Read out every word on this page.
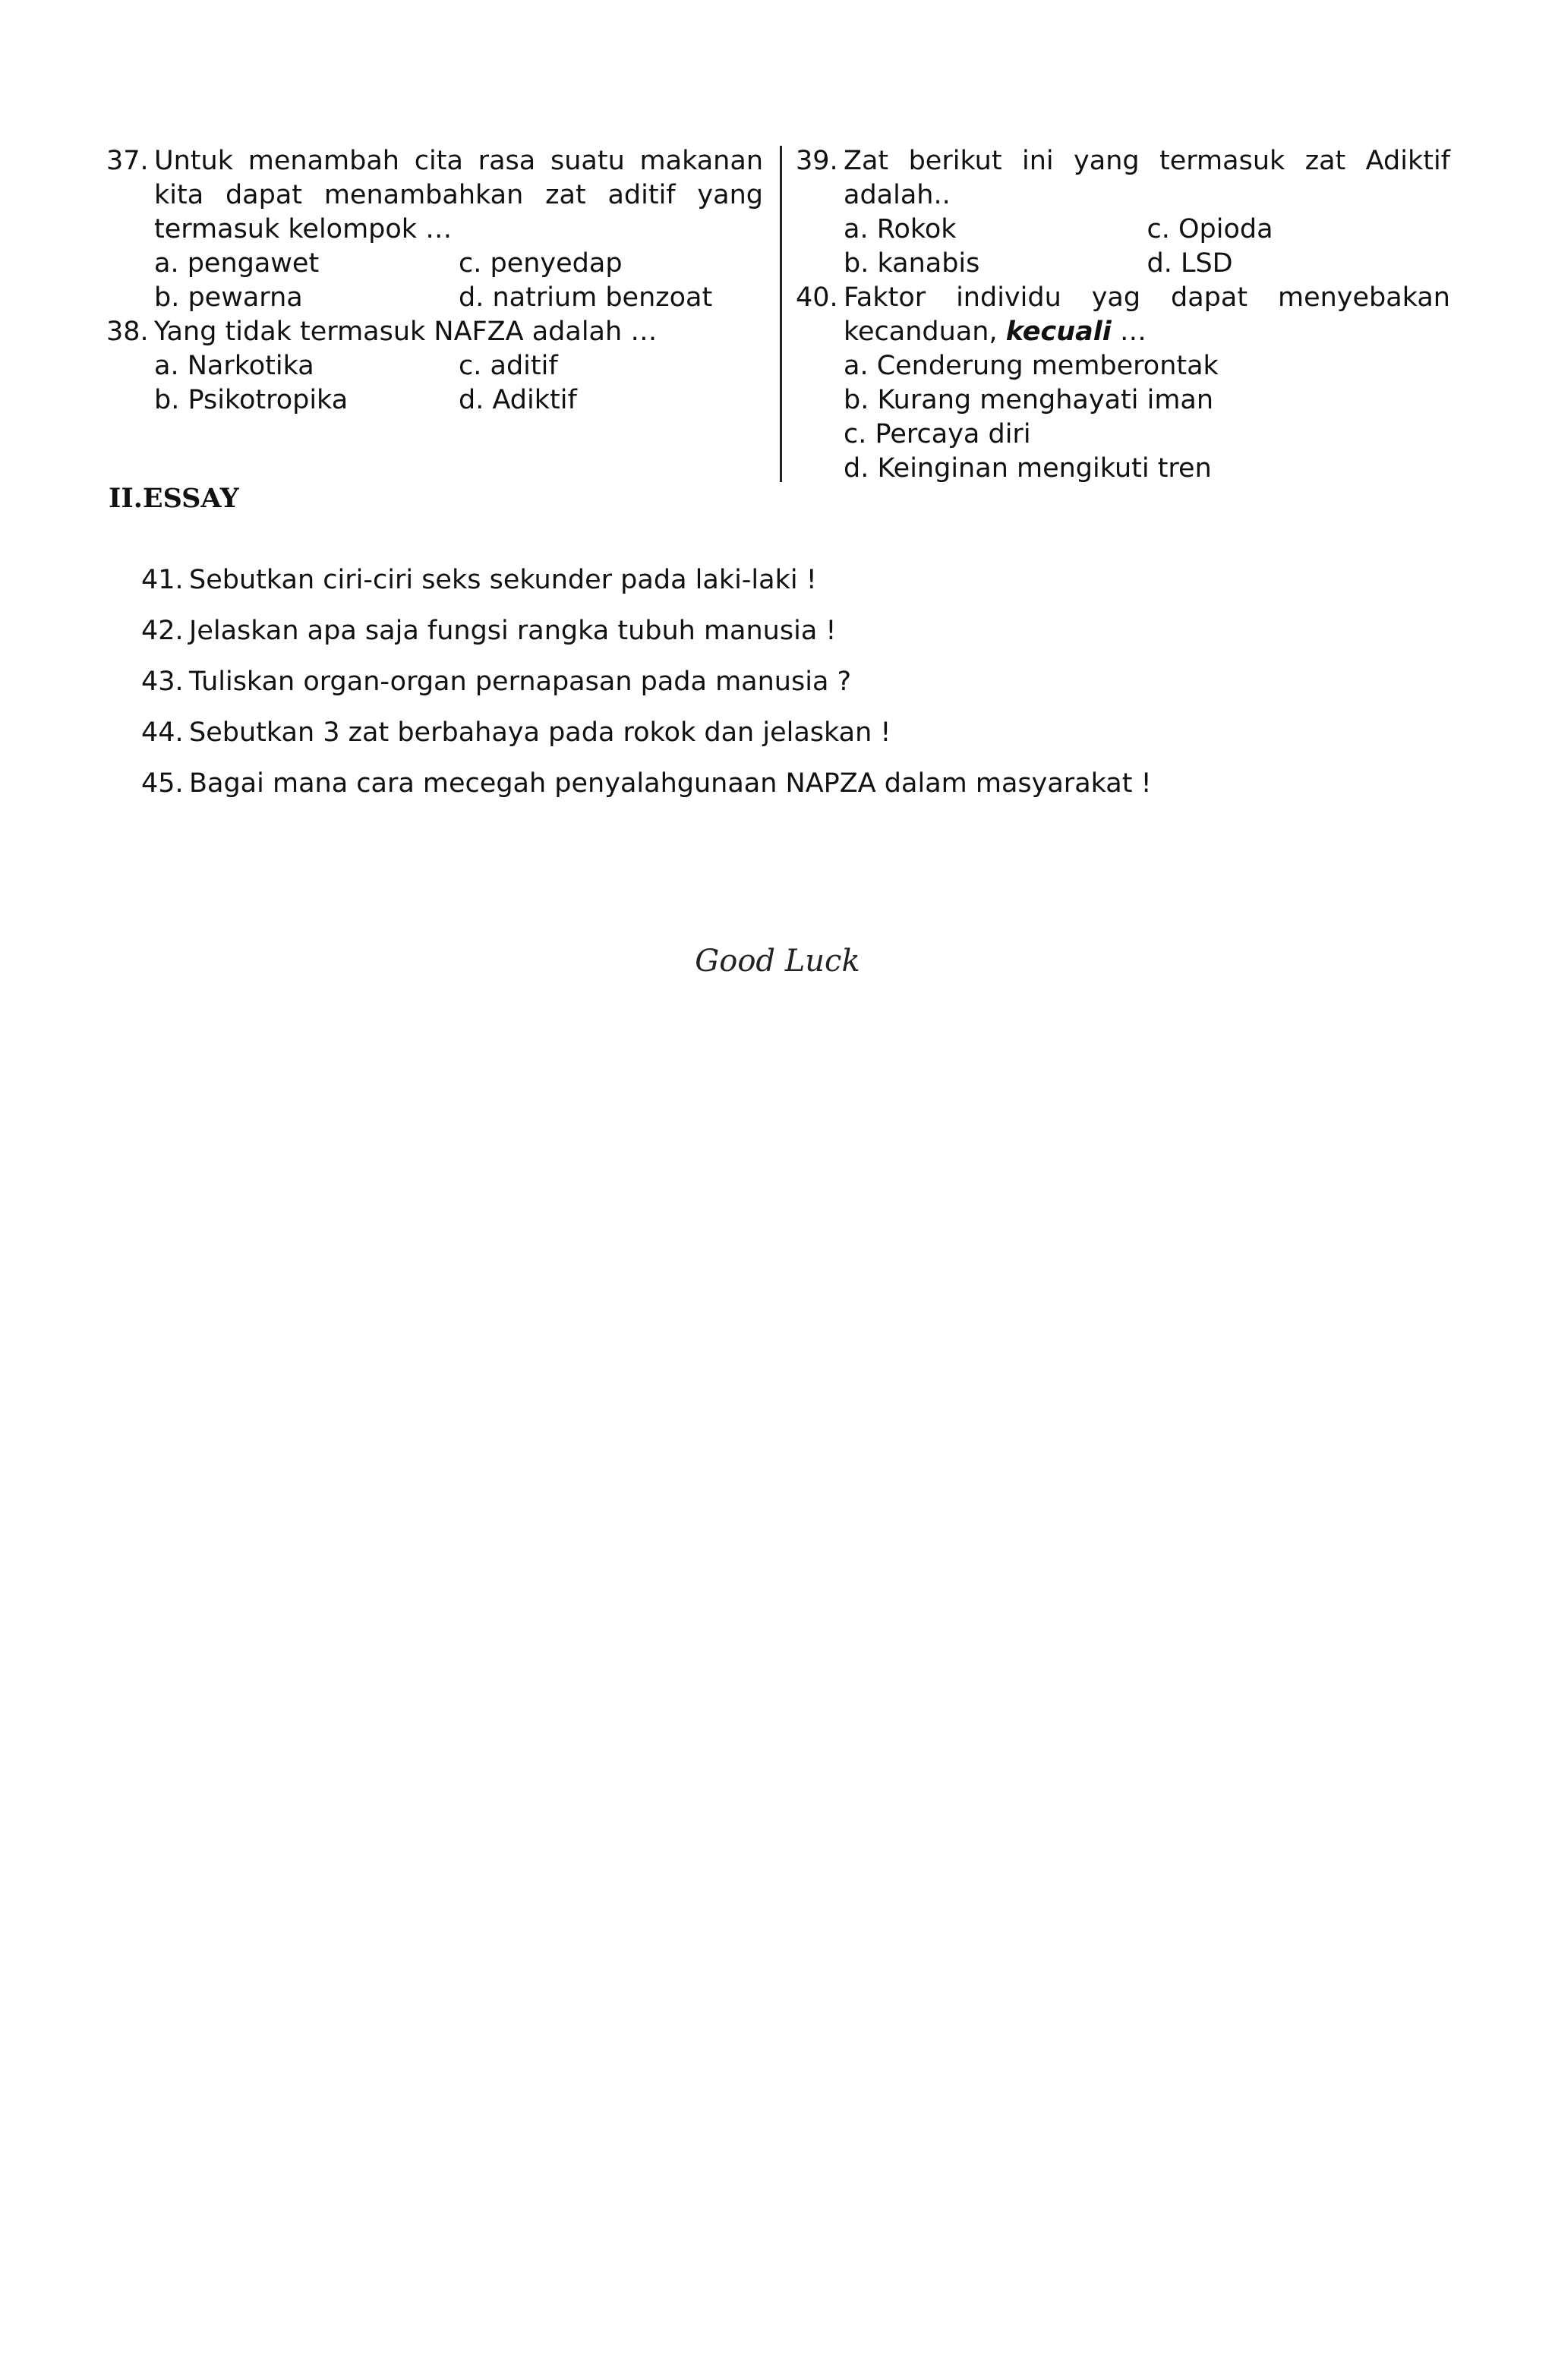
37. Untuk menambah cita rasa suatu makanan kita dapat menambahkan zat aditif yang termasuk kelompok …
a. pengawet	c. penyedap
b. pewarna	d. natrium benzoat
38. Yang tidak termasuk NAFZA adalah …
a. Narkotika	c. aditif
b. Psikotropika	d. Adiktif
39. Zat berikut ini yang termasuk zat Adiktif adalah..
a. Rokok	c. Opioda
b. kanabis	d. LSD
40. Faktor individu yag dapat menyebakan
kecanduan, kecuali …
a. Cenderung memberontak
b. Kurang menghayati iman
c. Percaya diri
d. Keinginan mengikuti tren
II.ESSAY
41. Sebutkan ciri-ciri seks sekunder pada laki-laki !
42. Jelaskan apa saja fungsi rangka tubuh manusia !
43. Tuliskan organ-organ pernapasan pada manusia ?
44. Sebutkan 3 zat berbahaya pada rokok dan jelaskan !
45. Bagai mana cara mecegah penyalahgunaan NAPZA dalam masyarakat !
Good Luck
